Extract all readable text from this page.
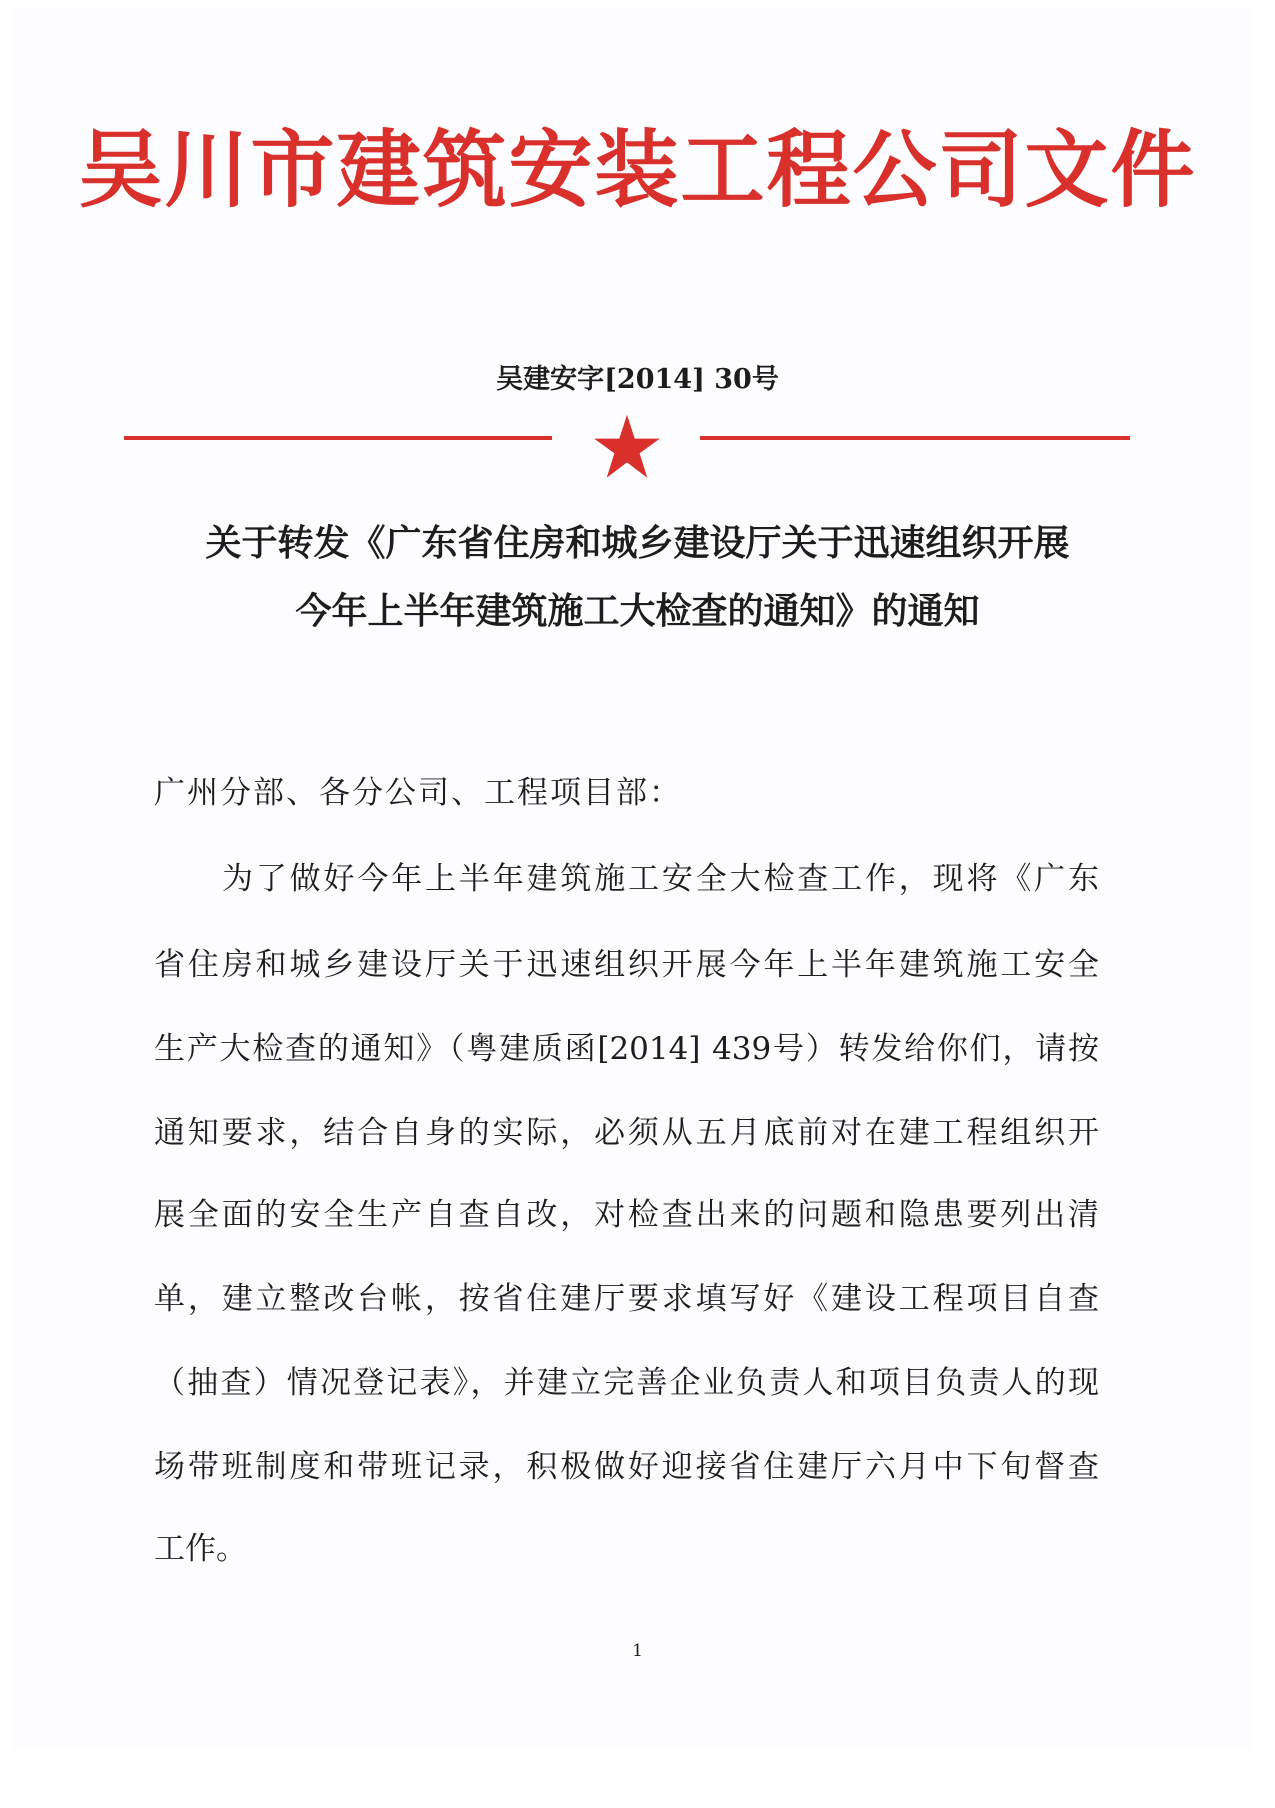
吴川市建筑安装工程公司文件
吴建安字[2014] 30号
关于转发《广东省住房和城乡建设厅关于迅速组织开展
今年上半年建筑施工大检查的通知》的通知
广州分部、各分公司、工程项目部：
为了做好今年上半年建筑施工安全大检查工作，现将《广东
省住房和城乡建设厅关于迅速组织开展今年上半年建筑施工安全
生产大检查的通知》（粤建质函[2014] 439号）转发给你们，请按
通知要求，结合自身的实际，必须从五月底前对在建工程组织开
展全面的安全生产自查自改，对检查出来的问题和隐患要列出清
单，建立整改台帐，按省住建厅要求填写好《建设工程项目自查
（抽查）情况登记表》，并建立完善企业负责人和项目负责人的现
场带班制度和带班记录，积极做好迎接省住建厅六月中下旬督查
工作。
1
